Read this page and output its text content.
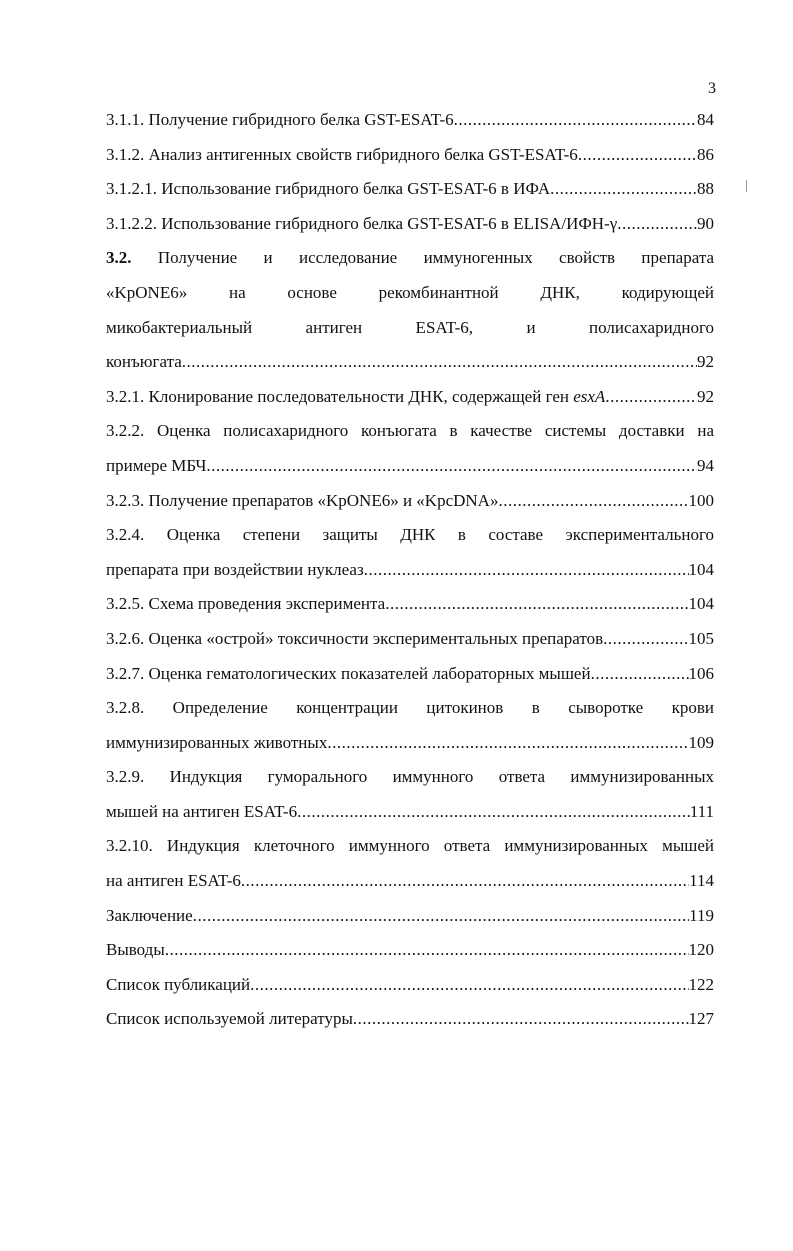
3
3.1.1. Получение гибридного белка GST-ESAT-6 .....	84
3.1.2. Анализ антигенных свойств гибридного белка GST-ESAT-6 .....	86
3.1.2.1. Использование гибридного белка GST-ESAT-6 в ИФА .....	88
3.1.2.2. Использование гибридного белка GST-ESAT-6 в ELISA/ИФН-γ .....	90
3.2. Получение и исследование иммуногенных свойств препарата
«KpONE6» на основе рекомбинантной ДНК, кодирующей
микобактериальный антиген ESAT-6, и полисахаридного
конъюгата .....	92
3.2.1. Клонирование последовательности ДНК, содержащей ген esxA .....	92
3.2.2. Оценка полисахаридного конъюгата в качестве системы доставки на
примере МБЧ .....	94
3.2.3. Получение препаратов «KpONE6» и «KpcDNA» .....	100
3.2.4. Оценка степени защиты ДНК в составе экспериментального
препарата при воздействии нуклеаз .....	104
3.2.5. Схема проведения эксперимента .....	104
3.2.6. Оценка «острой» токсичности экспериментальных препаратов .....	105
3.2.7. Оценка гематологических показателей лабораторных мышей .....	106
3.2.8. Определение концентрации цитокинов в сыворотке крови
иммунизированных животных .....	109
3.2.9. Индукция гуморального иммунного ответа иммунизированных
мышей на антиген ESAT-6 .....	111
3.2.10. Индукция клеточного иммунного ответа иммунизированных мышей
на антиген ESAT-6 .....	114
Заключение .....	119
Выводы .....	120
Список публикаций .....	122
Список используемой литературы .....	127
